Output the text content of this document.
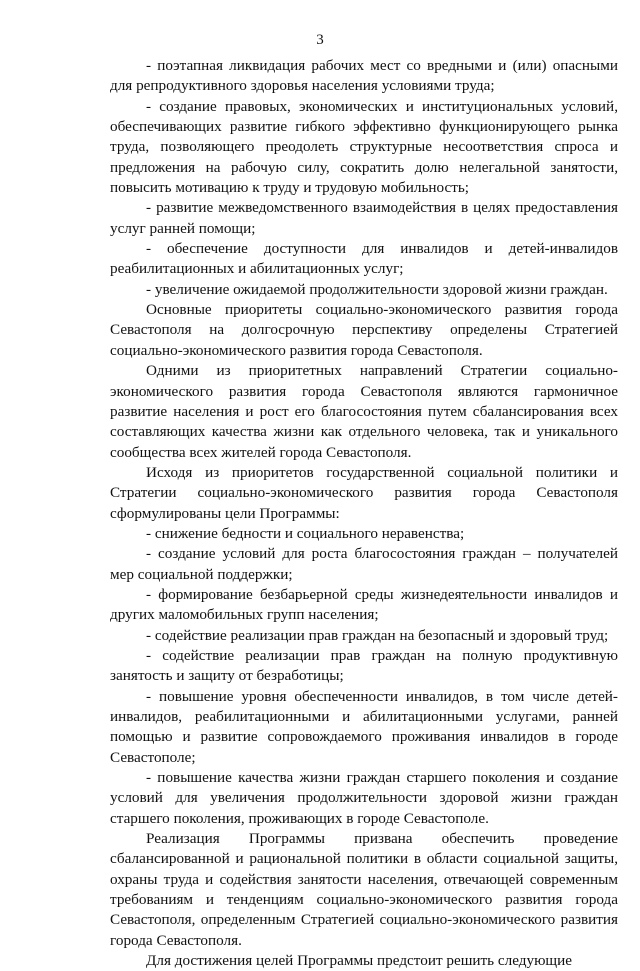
3

- поэтапная ликвидация рабочих мест со вредными и (или) опасными для репродуктивного здоровья населения условиями труда;

- создание правовых, экономических и институциональных условий, обеспечивающих развитие гибкого эффективно функционирующего рынка труда, позволяющего преодолеть структурные несоответствия спроса и предложения на рабочую силу, сократить долю нелегальной занятости, повысить мотивацию к труду и трудовую мобильность;

- развитие межведомственного взаимодействия в целях предоставления услуг ранней помощи;

- обеспечение доступности для инвалидов и детей-инвалидов реабилитационных и абилитационных услуг;

- увеличение ожидаемой продолжительности здоровой жизни граждан.

Основные приоритеты социально-экономического развития города Севастополя на долгосрочную перспективу определены Стратегией социально-экономического развития города Севастополя.

Одними из приоритетных направлений Стратегии социально-экономического развития города Севастополя являются гармоничное развитие населения и рост его благосостояния путем сбалансирования всех составляющих качества жизни как отдельного человека, так и уникального сообщества всех жителей города Севастополя.

Исходя из приоритетов государственной социальной политики и Стратегии социально-экономического развития города Севастополя сформулированы цели Программы:

- снижение бедности и социального неравенства;

- создание условий для роста благосостояния граждан – получателей мер социальной поддержки;

- формирование безбарьерной среды жизнедеятельности инвалидов и других маломобильных групп населения;

- содействие реализации прав граждан на безопасный и здоровый труд;

- содействие реализации прав граждан на полную продуктивную занятость и защиту от безработицы;

- повышение уровня обеспеченности инвалидов, в том числе детей-инвалидов, реабилитационными и абилитационными услугами, ранней помощью и развитие сопровождаемого проживания инвалидов в городе Севастополе;

- повышение качества жизни граждан старшего поколения и создание условий для увеличения продолжительности здоровой жизни граждан старшего поколения, проживающих в городе Севастополе.

Реализация Программы призвана обеспечить проведение сбалансированной и рациональной политики в области социальной защиты, охраны труда и содействия занятости населения, отвечающей современным требованиям и тенденциям социально-экономического развития города Севастополя, определенным Стратегией социально-экономического развития города Севастополя.

Для достижения целей Программы предстоит решить следующие
